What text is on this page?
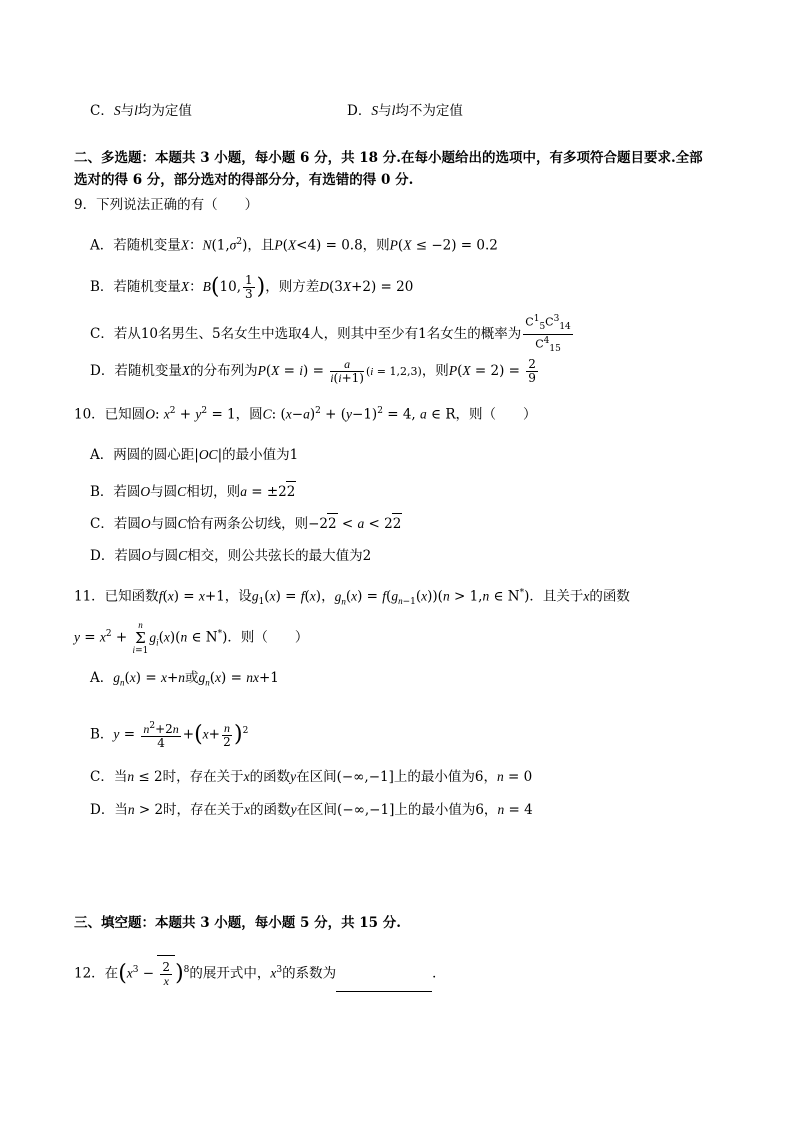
C．S与l均为定值	D．S与l均不为定值
二、多选题：本题共 3 小题，每小题 6 分，共 18 分.在每小题给出的选项中，有多项符合题目要求.全部
选对的得 6 分，部分选对的得部分分，有选错的得 0 分.
9．下列说法正确的有（　　）
A．若随机变量X：$N(1,\sigma^2)$，且P(X<4) = 0.8，则P(X ≤ −2) = 0.2
B．若随机变量X：B(10, $\frac{1}{3}$ )，则方差D(3X+2) = 20
C．若从10名男生、5名女生中选取4人，则其中至少有1名女生的概率为 $\frac{C^1_5C^3_{14}}{C^4_{15}}$
D．若随机变量X的分布列为$P(X = i) = \frac{a}{i(i+1)} (i = 1,2,3)$，则$P(X = 2) = \frac{2}{9}$
10．已知圆O: $x^2 + y^2 = 1$，圆C: $(x-a)^2 + (y-1)^2 = 4$, a ∈ R，则（　　）
A．两圆的圆心距|OC|的最小值为1
B．若圆O与圆C相切，则a = ±22
C．若圆O与圆C恰有两条公切线，则−22 < a < 22
D．若圆O与圆C相交，则公共弦长的最大值为2
11．已知函数f(x) = x+1，设$g_1(x) = f(x)$，$g_n(x) = f(g_{n-1}(x))(n > 1,n$ ∈ N*)．且关于x的函数
$y = x^2 + n$
Σ
$i=1g_i(x)(n$ ∈ N*)．则（　　）
A．$g_n(x) = x+n$或$g_n(x) = nx+1$
B．$y = \frac{n^2+2n}{4} +(x+ \frac{n}{2} )^2$
C．当n ≤ 2时，存在关于x的函数y在区间(−∞,−1]上的最小值为6，n = 0
D．当n > 2时，存在关于x的函数y在区间(−∞,−1]上的最小值为6，n = 4
三、填空题：本题共 3 小题，每小题 5 分，共 15 分.
12．在$(x^3 - \frac{2}{x} )^8$的展开式中，$x^3$的系数为	．
